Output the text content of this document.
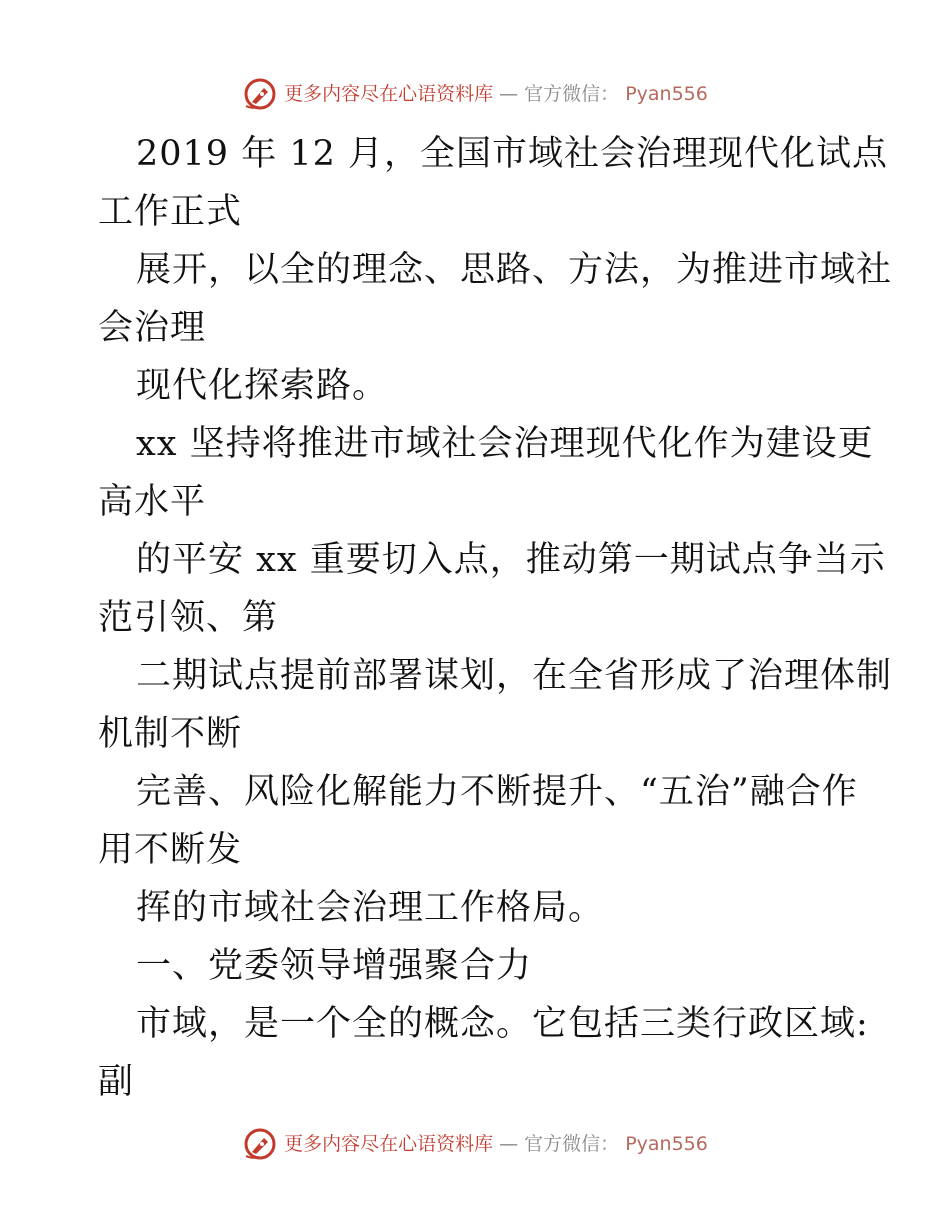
更多内容尽在心语资料库 — 官方微信： Pyan556
2019 年 12 月，全国市域社会治理现代化试点
工作正式
展开，以全的理念、思路、方法，为推进市域社
会治理
现代化探索路。
xx 坚持将推进市域社会治理现代化作为建设更
高水平
的平安 xx 重要切入点，推动第一期试点争当示
范引领、第
二期试点提前部署谋划，在全省形成了治理体制
机制不断
完善、风险化解能力不断提升、“五治”融合作
用不断发
挥的市域社会治理工作格局。
一、党委领导增强聚合力
市域，是一个全的概念。它包括三类行政区域:
副
更多内容尽在心语资料库 — 官方微信： Pyan556
